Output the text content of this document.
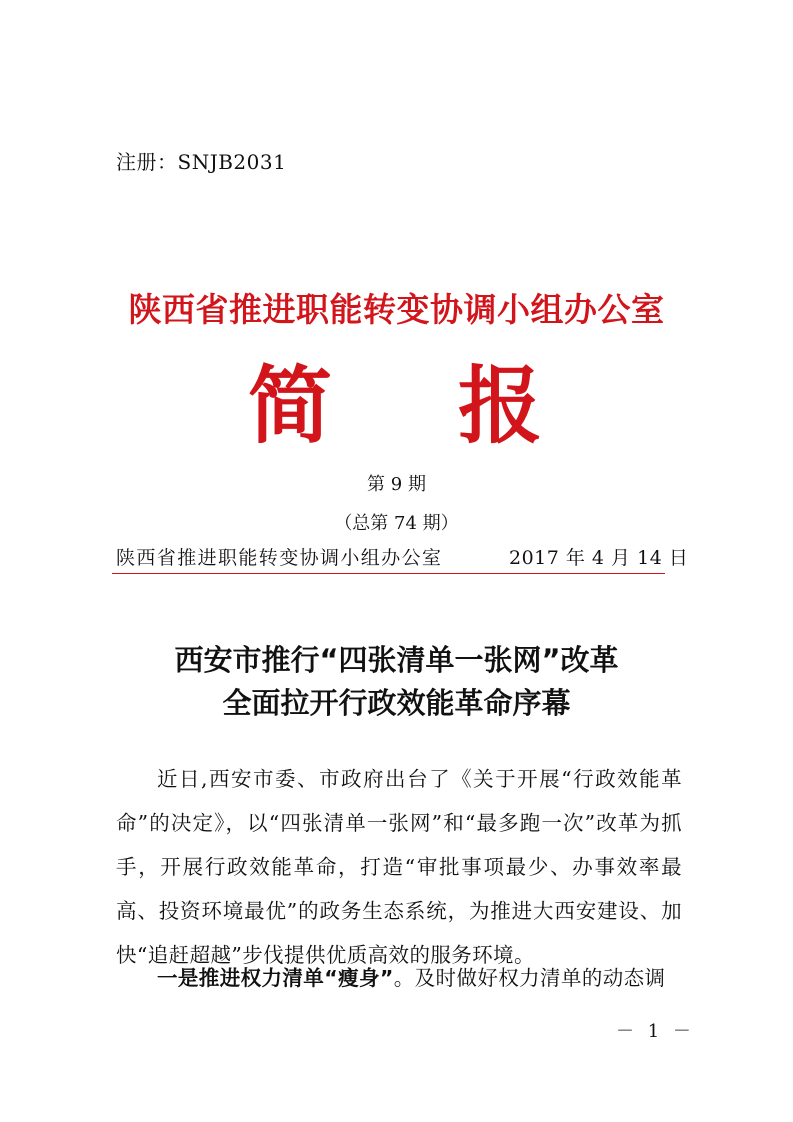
注册：SNJB2031
陕西省推进职能转变协调小组办公室
简 报
第 9 期
（总第 74 期）
陕西省推进职能转变协调小组办公室	2017 年 4 月 14 日
西安市推行“四张清单一张网”改革
全面拉开行政效能革命序幕

近日,西安市委、市政府出台了《关于开展“行政效能革命”的决定》，以“四张清单一张网”和“最多跑一次”改革为抓手，开展行政效能革命，打造“审批事项最少、办事效率最高、投资环境最优”的政务生态系统，为推进大西安建设、加快“追赶超越”步伐提供优质高效的服务环境。

一是推进权力清单“瘦身”。及时做好权力清单的动态调

－ 1 －
